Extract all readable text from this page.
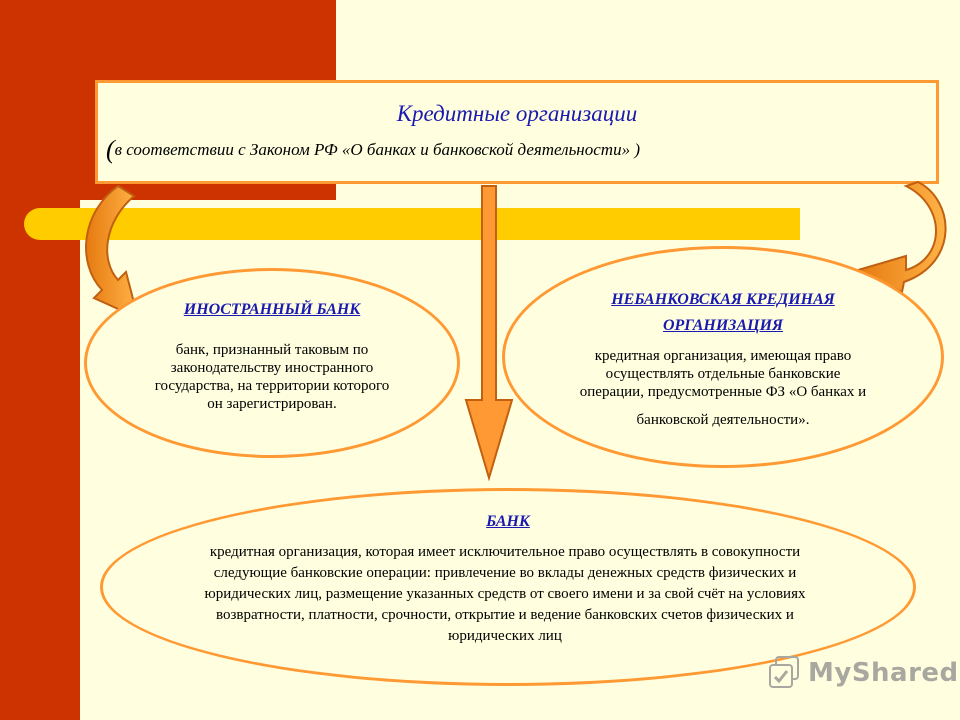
Кредитные организации
(в соответствии с Законом РФ «О банках и банковской деятельности» )
ИНОСТРАННЫЙ БАНК
банк, признанный таковым по
законодательству иностранного
государства, на территории которого
он зарегистрирован.
НЕБАНКОВСКАЯ КРЕДИНАЯ
ОРГАНИЗАЦИЯ
кредитная организация, имеющая право
осуществлять отдельные банковские
операции, предусмотренные ФЗ «О банках и
банковской деятельности».
БАНК
кредитная организация, которая имеет исключительное право осуществлять в совокупности
следующие банковские операции: привлечение во вклады денежных средств физических и
юридических лиц, размещение указанных средств от своего имени и за свой счёт на условиях
возвратности, платности, срочности, открытие и ведение банковских счетов физических и
юридических лиц
MyShared
